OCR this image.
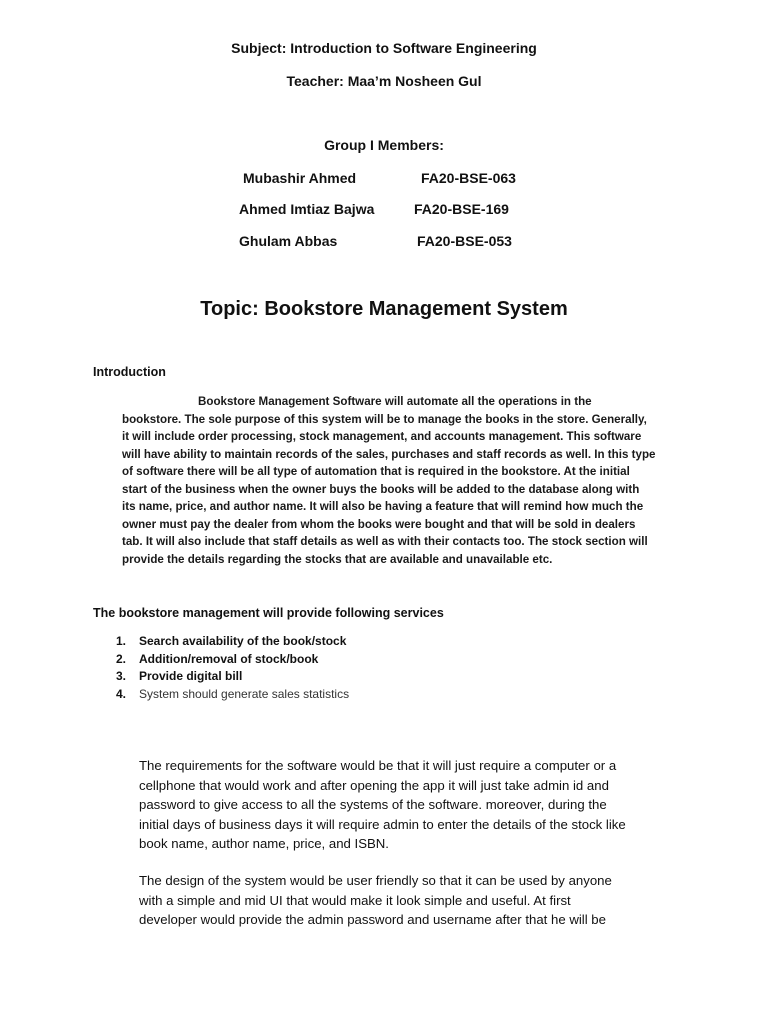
Subject: Introduction to Software Engineering
Teacher: Maa’m Nosheen Gul
Group I Members:
Mubashir Ahmed	FA20-BSE-063
Ahmed Imtiaz Bajwa	FA20-BSE-169
Ghulam Abbas	FA20-BSE-053
Topic: Bookstore Management System
Introduction
Bookstore Management Software will automate all the operations in the
bookstore. The sole purpose of this system will be to manage the books in the store. Generally,
it will include order processing, stock management, and accounts management. This software
will have ability to maintain records of the sales, purchases and staff records as well. In this type
of software there will be all type of automation that is required in the bookstore. At the initial
start of the business when the owner buys the books will be added to the database along with
its name, price, and author name. It will also be having a feature that will remind how much the
owner must pay the dealer from whom the books were bought and that will be sold in dealers
tab. It will also include that staff details as well as with their contacts too. The stock section will
provide the details regarding the stocks that are available and unavailable etc.
The bookstore management will provide following services
1. Search availability of the book/stock
2. Addition/removal of stock/book
3. Provide digital bill
4. System should generate sales statistics
The requirements for the software would be that it will just require a computer or a
cellphone that would work and after opening the app it will just take admin id and
password to give access to all the systems of the software. moreover, during the
initial days of business days it will require admin to enter the details of the stock like
book name, author name, price, and ISBN.
The design of the system would be user friendly so that it can be used by anyone
with a simple and mid UI that would make it look simple and useful. At first
developer would provide the admin password and username after that he will be
